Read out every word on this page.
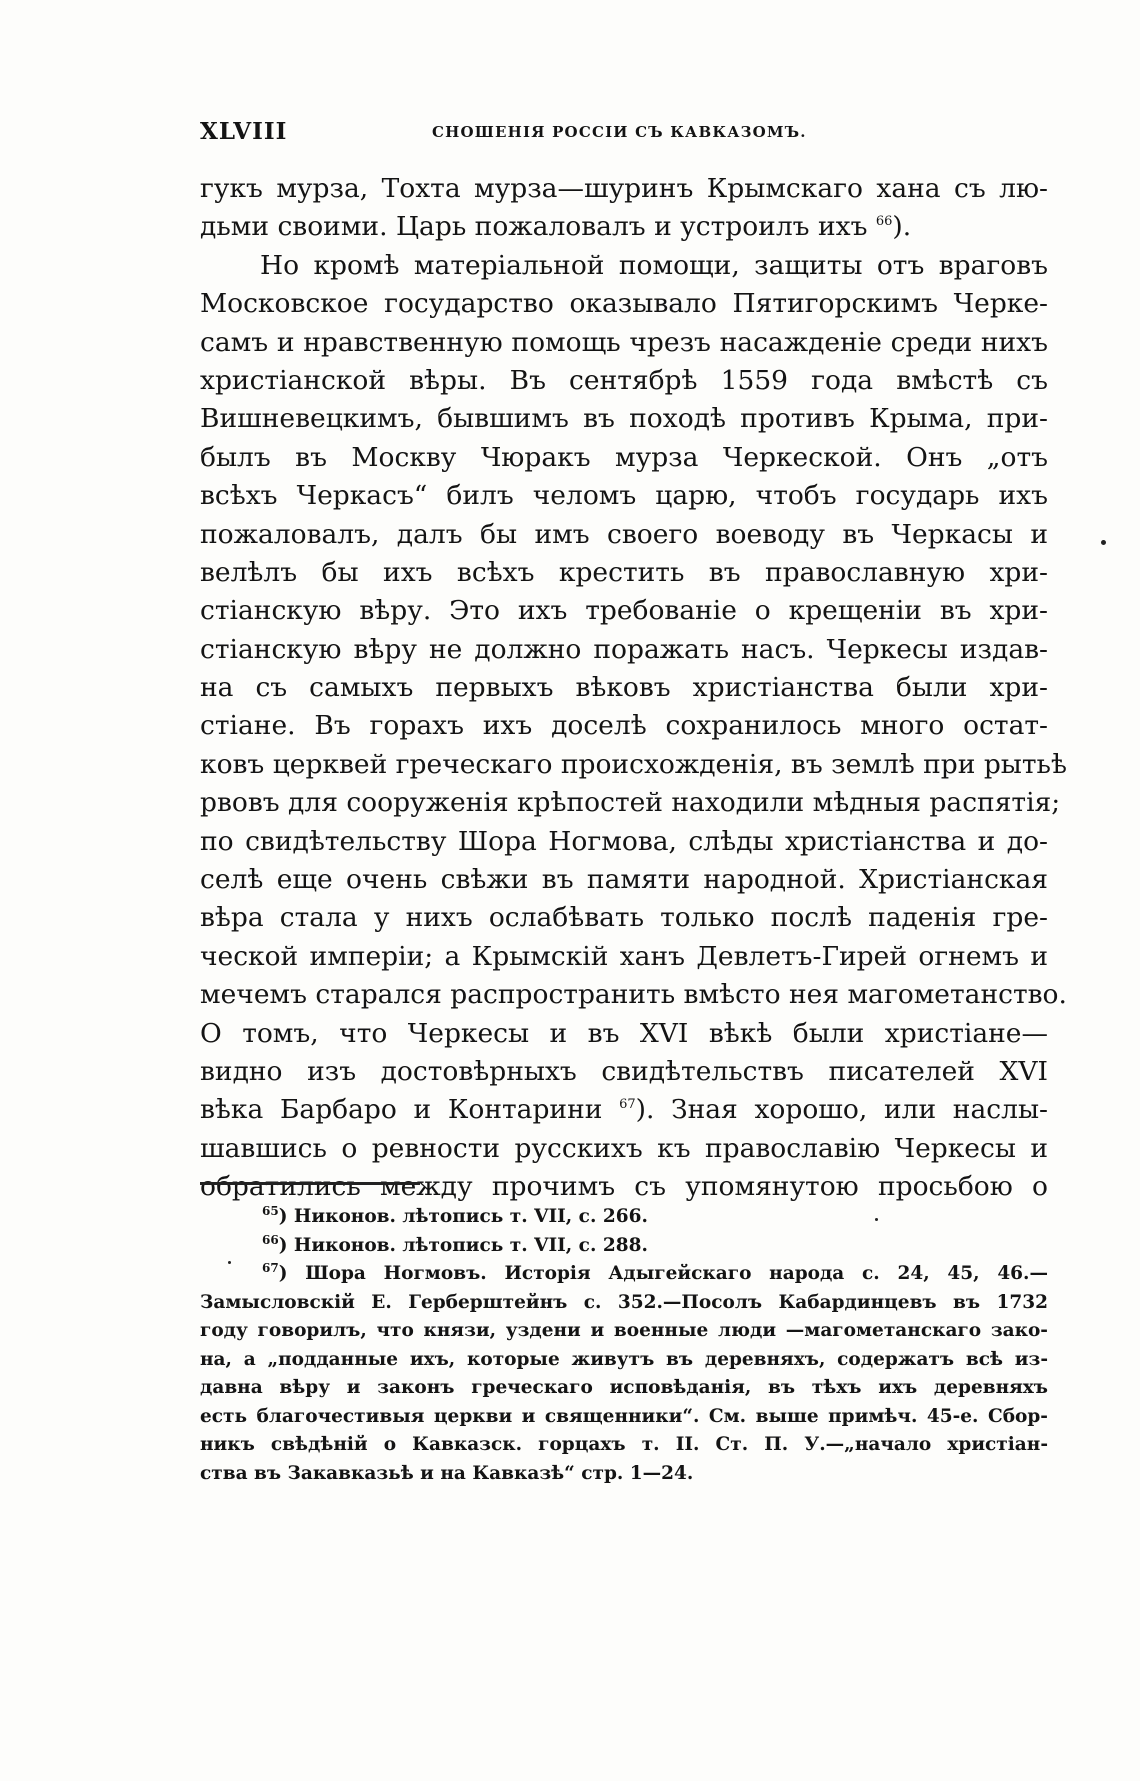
XLVIII	СНОШЕНІЯ РОССІИ СЪ КАВКАЗОМЪ.
гукъ мурза, Тохта мурза—шуринъ Крымскаго хана съ лю-
дьми своими. Царь пожаловалъ и устроилъ ихъ $^{66}$).
Но кромѣ матеріальной помощи, защиты отъ враговъ
Московское государство оказывало Пятигорскимъ Черке-
самъ и нравственную помощь чрезъ насажденіе среди нихъ
христіанской вѣры. Въ сентябрѣ 1559 года вмѣстѣ съ
Вишневецкимъ, бывшимъ въ походѣ противъ Крыма, при-
былъ въ Москву Чюракъ мурза Черкеской. Онъ „отъ
всѣхъ Черкасъ“ билъ челомъ царю, чтобъ государь ихъ
пожаловалъ, далъ бы имъ своего воеводу въ Черкасы и
велѣлъ бы ихъ всѣхъ крестить въ православную хри-
стіанскую вѣру. Это ихъ требованіе о крещеніи въ хри-
стіанскую вѣру не должно поражать насъ. Черкесы издав-
на съ самыхъ первыхъ вѣковъ христіанства были хри-
стіане. Въ горахъ ихъ доселѣ сохранилось много остат-
ковъ церквей греческаго происхожденія, въ землѣ при рытьѣ
рвовъ для сооруженія крѣпостей находили мѣдныя распятія;
по свидѣтельству Шора Ногмова, слѣды христіанства и до-
селѣ еще очень свѣжи въ памяти народной. Христіанская
вѣра стала у нихъ ослабѣвать только послѣ паденія гре-
ческой имперіи; а Крымскій ханъ Девлетъ-Гирей огнемъ и
мечемъ старался распространить вмѣсто нея магометанство.
О томъ, что Черкесы и въ XVI вѣкѣ были христіане—
видно изъ достовѣрныхъ свидѣтельствъ писателей XVI
вѣка Барбаро и Контарини $^{67}$). Зная хорошо, или наслы-
шавшись о ревности русскихъ къ православію Черкесы и
обратились между прочимъ съ упомянутою просьбою о
$^{65}$) Никонов. лѣтопись т. VII, с. 266.
$^{66}$) Никонов. лѣтопись т. VII, с. 288.
$^{67}$) Шора Ногмовъ. Исторія Адыгейскаго народа с. 24, 45, 46.—
Замысловскій Е. Герберштейнъ с. 352.—Посолъ Кабардинцевъ въ 1732
году говорилъ, что князи, уздени и военные люди —магометанскаго зако-
на, а „подданные ихъ, которые живутъ въ деревняхъ, содержатъ всѣ из-
давна вѣру и законъ греческаго исповѣданія, въ тѣхъ ихъ деревняхъ
есть благочестивыя церкви и священники“. См. выше примѣч. 45-е. Сбор-
никъ свѣдѣній о Кавказск. горцахъ т. II. Ст. П. У.—„начало христіан-
ства въ Закавказьѣ и на Кавказѣ“ стр. 1—24.
